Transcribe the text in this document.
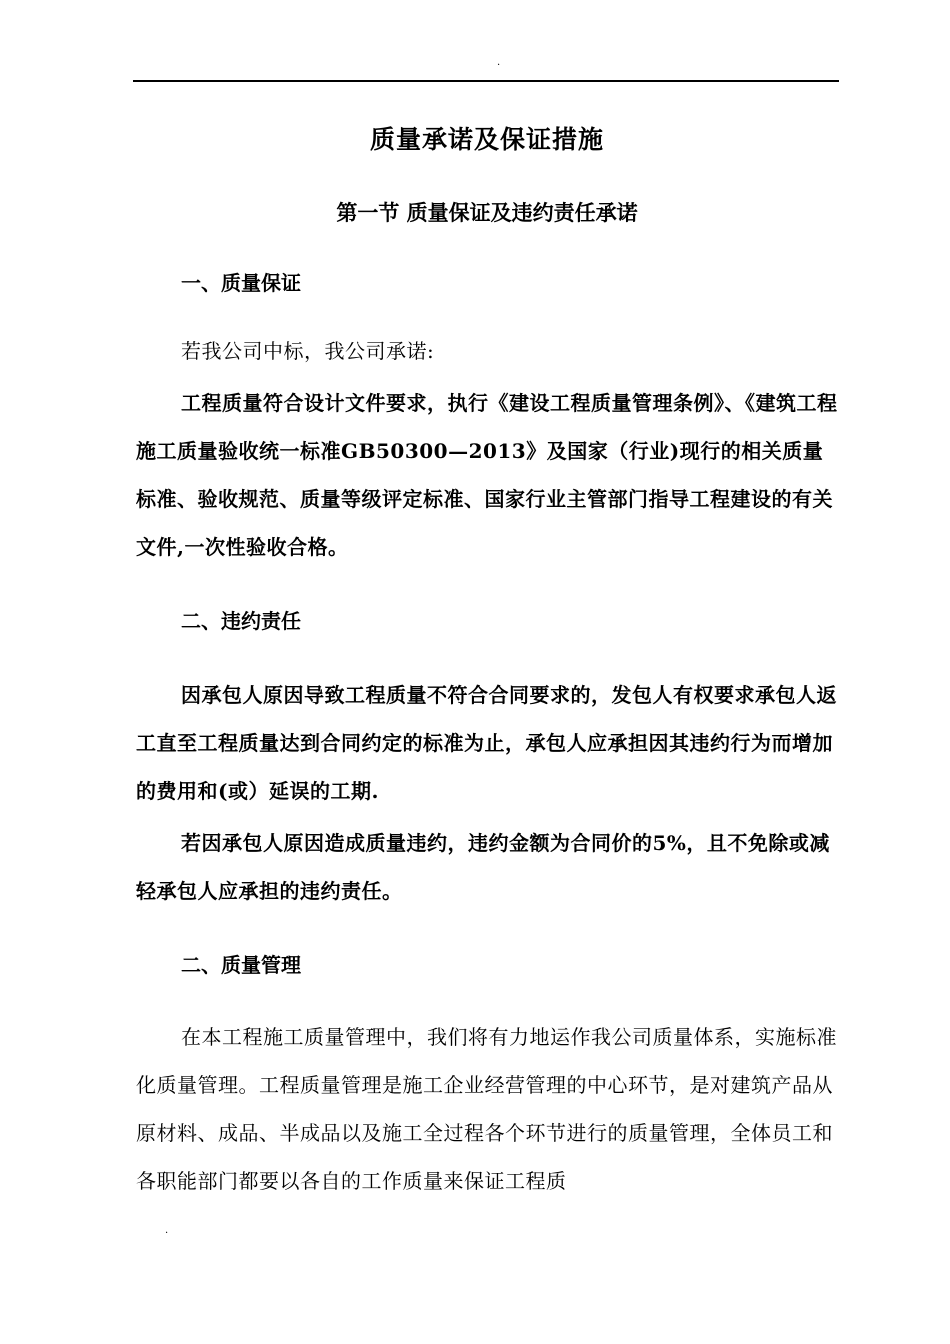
.
质量承诺及保证措施
第一节 质量保证及违约责任承诺
一、质量保证

若我公司中标，我公司承诺:

工程质量符合设计文件要求，执行《建设工程质量管理条例》、《建筑工程施工质量验收统一标准GB50300—2013》及国家（行业)现行的相关质量标准、验收规范、质量等级评定标准、国家行业主管部门指导工程建设的有关文件,一次性验收合格。

二、违约责任

因承包人原因导致工程质量不符合合同要求的，发包人有权要求承包人返工直至工程质量达到合同约定的标准为止，承包人应承担因其违约行为而增加的费用和(或）延误的工期.

若因承包人原因造成质量违约，违约金额为合同价的5%，且不免除或减轻承包人应承担的违约责任。

二、质量管理

在本工程施工质量管理中，我们将有力地运作我公司质量体系，实施标准化质量管理。工程质量管理是施工企业经营管理的中心环节，是对建筑产品从原材料、成品、半成品以及施工全过程各个环节进行的质量管理，全体员工和各职能部门都要以各自的工作质量来保证工程质

.
